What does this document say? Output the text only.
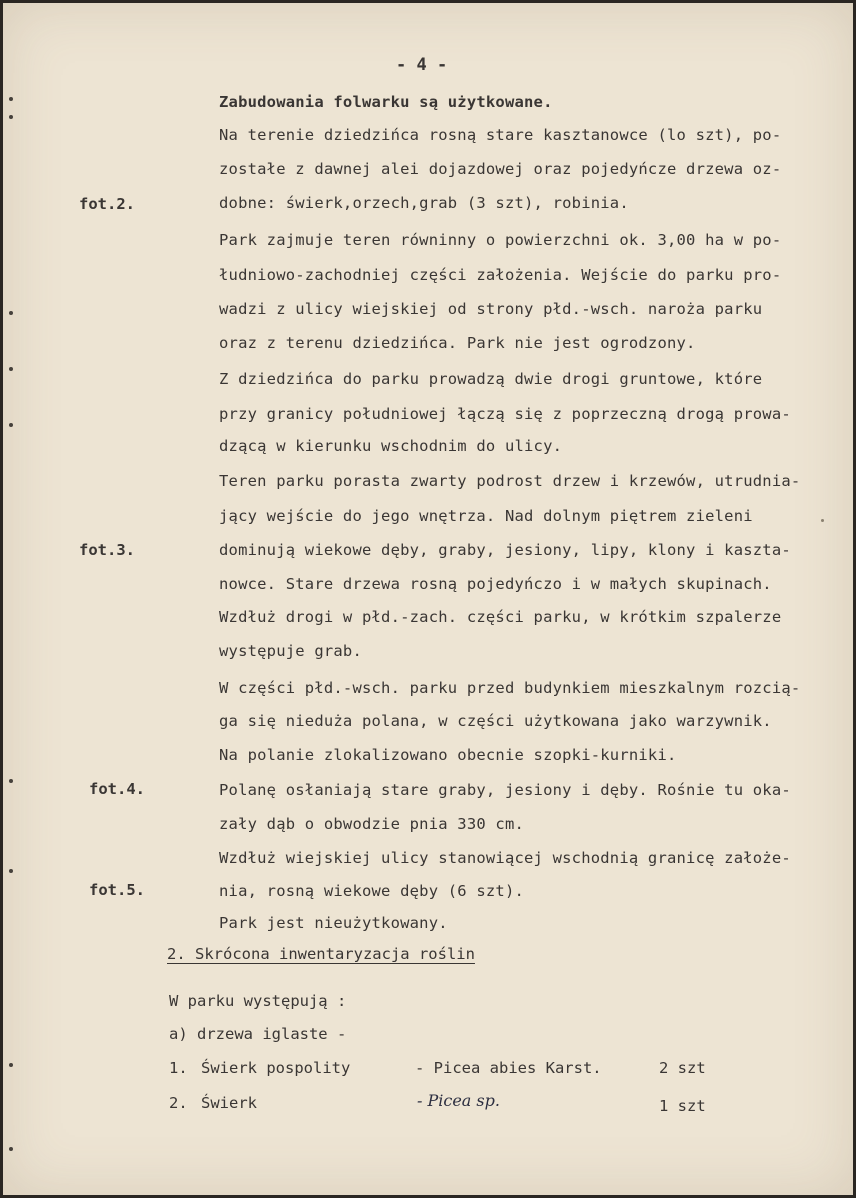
- 4 -
Zabudowania folwarku są użytkowane.
Na terenie dziedzińca rosną stare kasztanowce (lo szt), po-
zostałe z dawnej alei dojazdowej oraz pojedyńcze drzewa oz-
dobne: świerk,orzech,grab (3 szt), robinia.
Park zajmuje teren równinny o powierzchni ok. 3,00 ha w po-
łudniowo-zachodniej części założenia. Wejście do parku pro-
wadzi z ulicy wiejskiej od strony płd.-wsch. naroża parku
oraz z terenu dziedzińca. Park nie jest ogrodzony.
Z dziedzińca do parku prowadzą dwie drogi gruntowe, które
przy granicy południowej łączą się z poprzeczną drogą prowa-
dzącą w kierunku wschodnim do ulicy.
Teren parku porasta zwarty podrost drzew i krzewów, utrudnia-
jący wejście do jego wnętrza. Nad dolnym piętrem zieleni
dominują wiekowe dęby, graby, jesiony, lipy, klony i kaszta-
nowce. Stare drzewa rosną pojedyńczo i w małych skupinach.
Wzdłuż drogi w płd.-zach. części parku, w krótkim szpalerze
występuje grab.
W części płd.-wsch. parku przed budynkiem mieszkalnym rozcią-
ga się nieduża polana, w części użytkowana jako warzywnik.
Na polanie zlokalizowano obecnie szopki-kurniki.
Polanę osłaniają stare graby, jesiony i dęby. Rośnie tu oka-
zały dąb o obwodzie pnia 330 cm.
Wzdłuż wiejskiej ulicy stanowiącej wschodnią granicę założe-
nia, rosną wiekowe dęby (6 szt).
Park jest nieużytkowany.
fot.2.
fot.3.
fot.4.
fot.5.
2. Skrócona inwentaryzacja roślin
W parku występują :
a) drzewa iglaste -
1. Świerk pospolity	- Picea abies Karst.	2 szt
2. Świerk	- Picea sp.	1 szt
